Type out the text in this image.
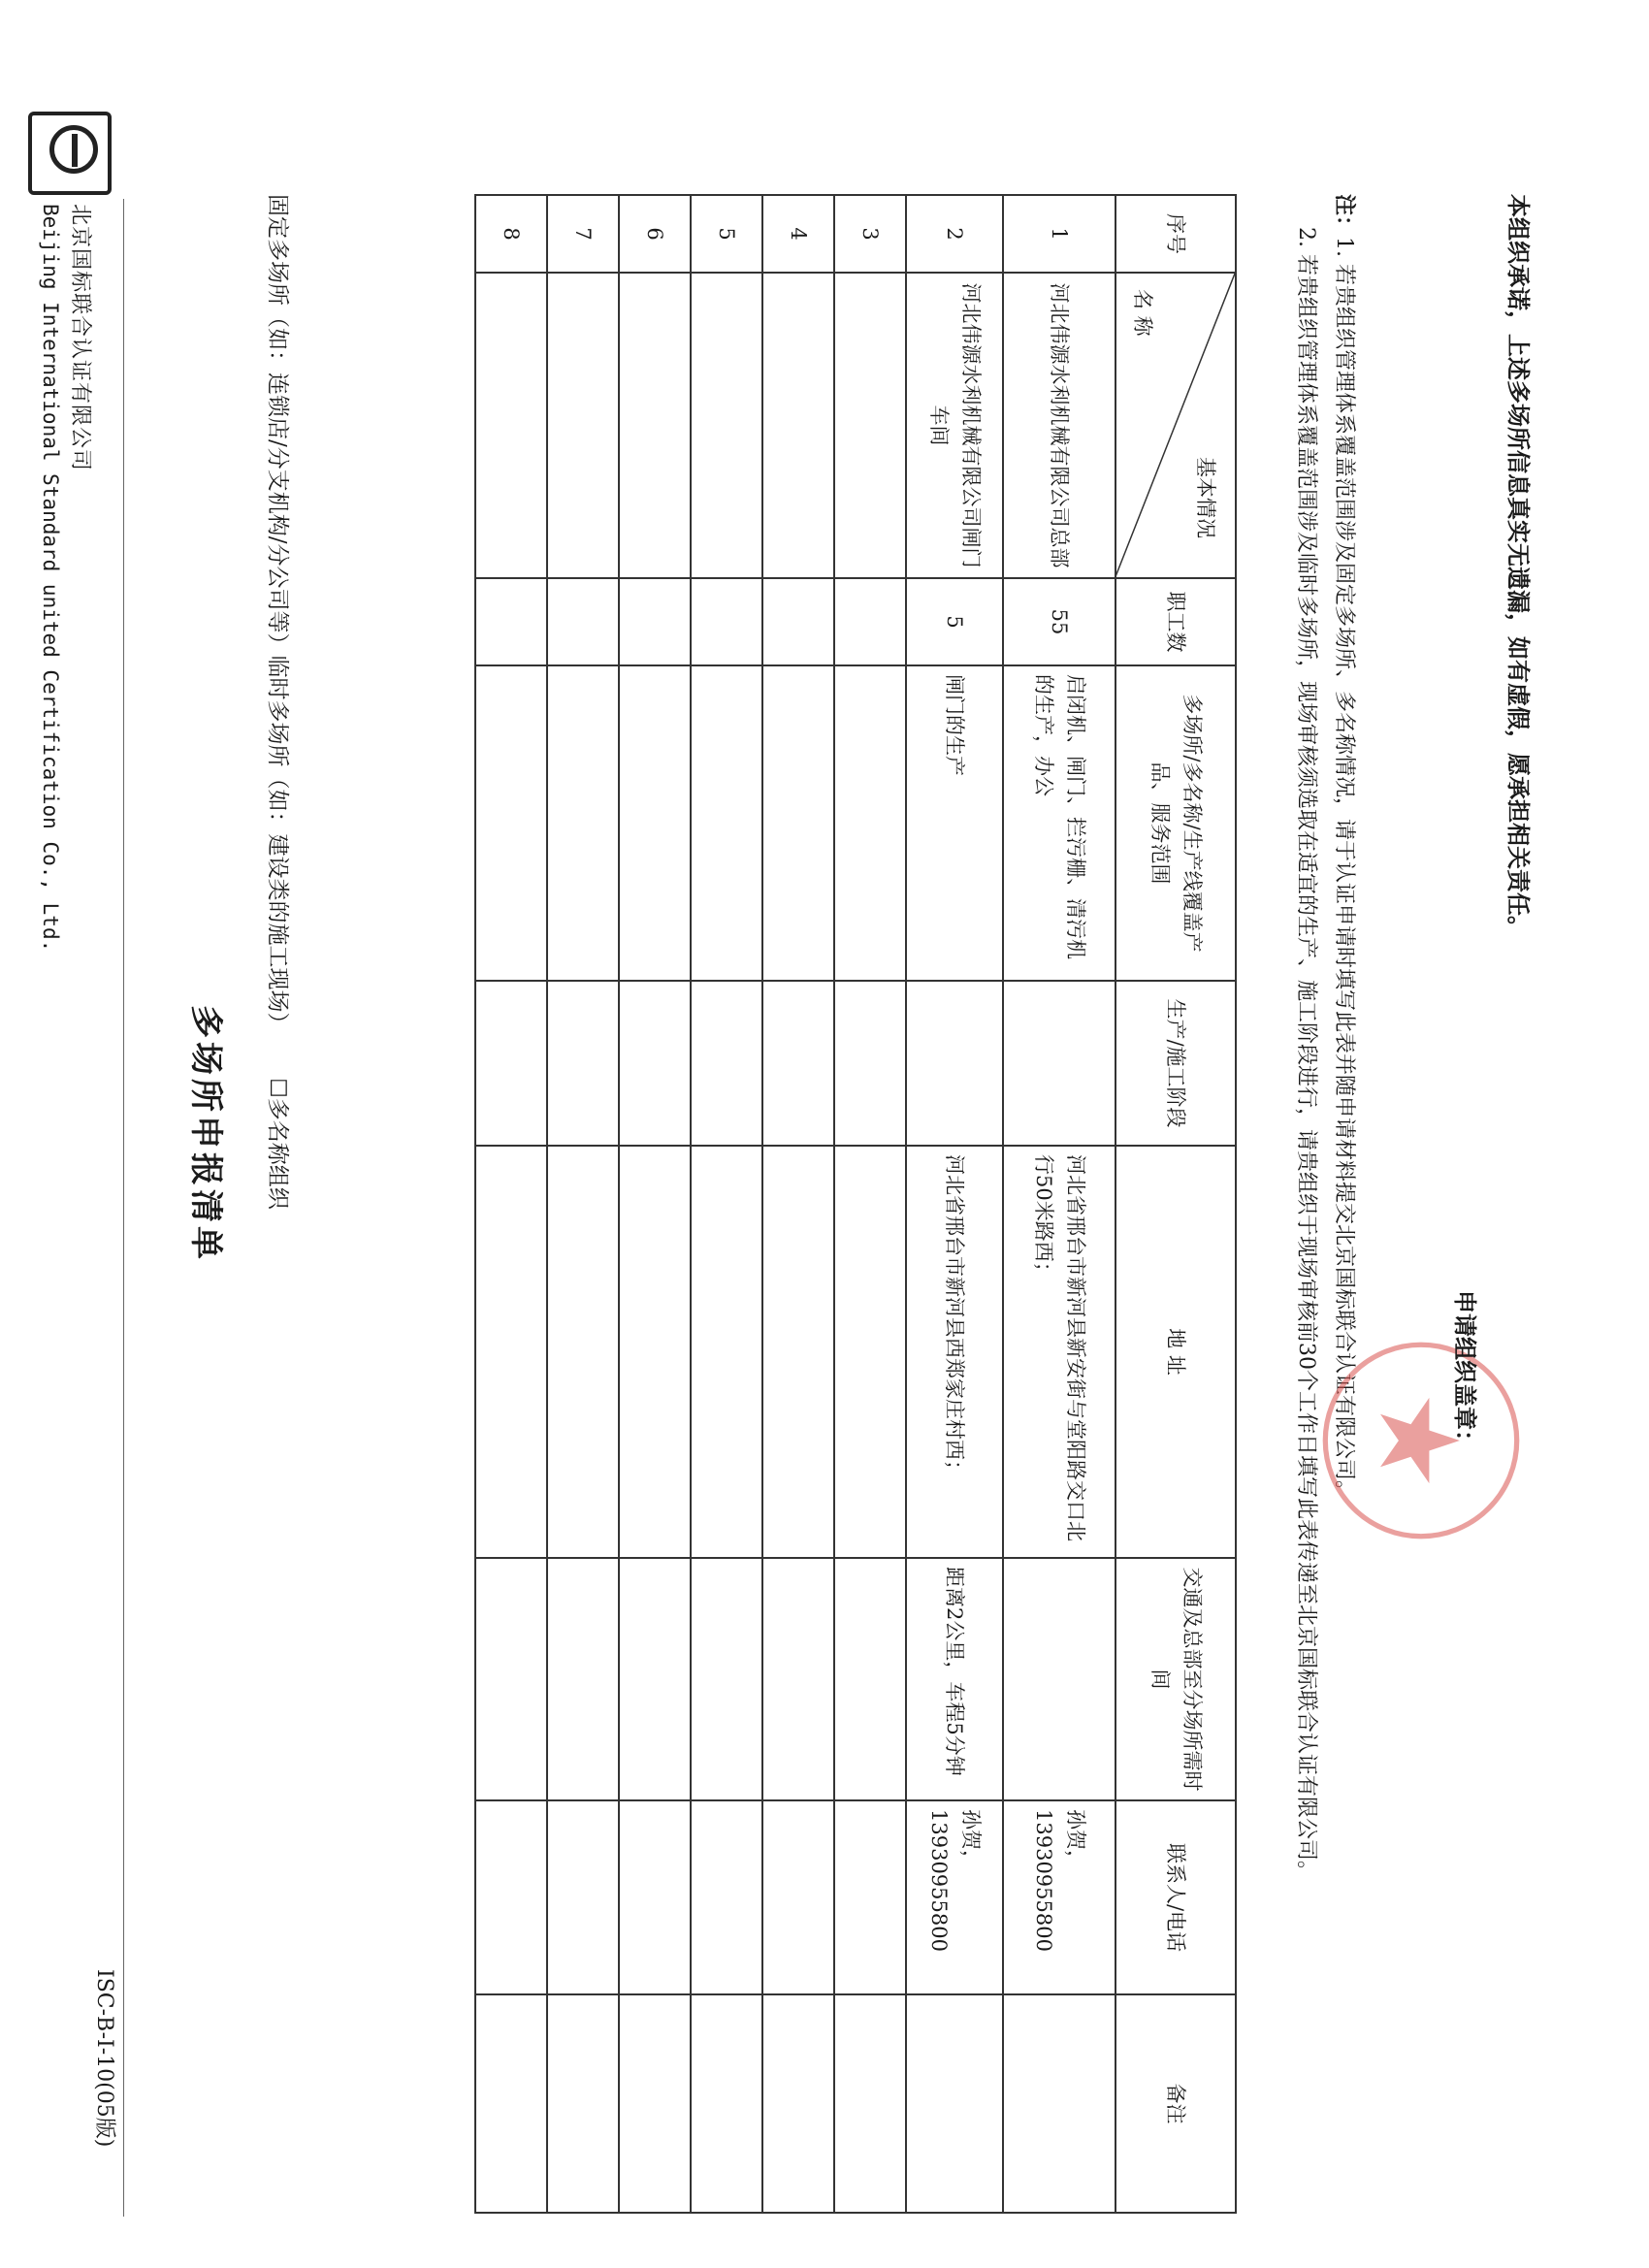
北京国标联合认证有限公司
Beijing International Standard united Certification Co., Ltd.
ISC-B-I-10(05版)
多场所申报清单
固定多场所（如：连锁店/分支机构/分公司等）临时多场所（如：建设类的施工现场）  ☐多名称组织
序号	基本情况
名 称	职工数	多场所/多名称/生产线覆盖产品、服务范围	生产/施工阶段	地 址	交通及总部至分场所需时间	联系人/电话	备注
1	河北伟源水利机械有限公司总部	55	启闭机、闸门、拦污栅、清污机的生产，办公		河北省邢台市新河县新安街与堂阳路交口北行50米路西；		孙贺，13930955800	
2	河北伟源水利机械有限公司闸门车间	5	闸门的生产		河北省邢台市新河县西郑家庄村西；	距离2公里，车程5分钟	孙贺，13930955800	
3								
4								
5								
6								
7								
8									注：1. 若贵组织管理体系覆盖范围涉及固定多场所、多名称情况，请于认证申请时填写此表并随申请材料提交北京国标联合认证有限公司。
2. 若贵组织管理体系覆盖范围涉及临时多场所，现场审核须选取在适宜的生产、施工阶段进行，请贵组织于现场审核前30个工作日填写此表传递至北京国标联合认证有限公司。	申请组织盖章：
本组织承诺，上述多场所信息真实无遗漏，如有虚假，愿承担相关责任。
